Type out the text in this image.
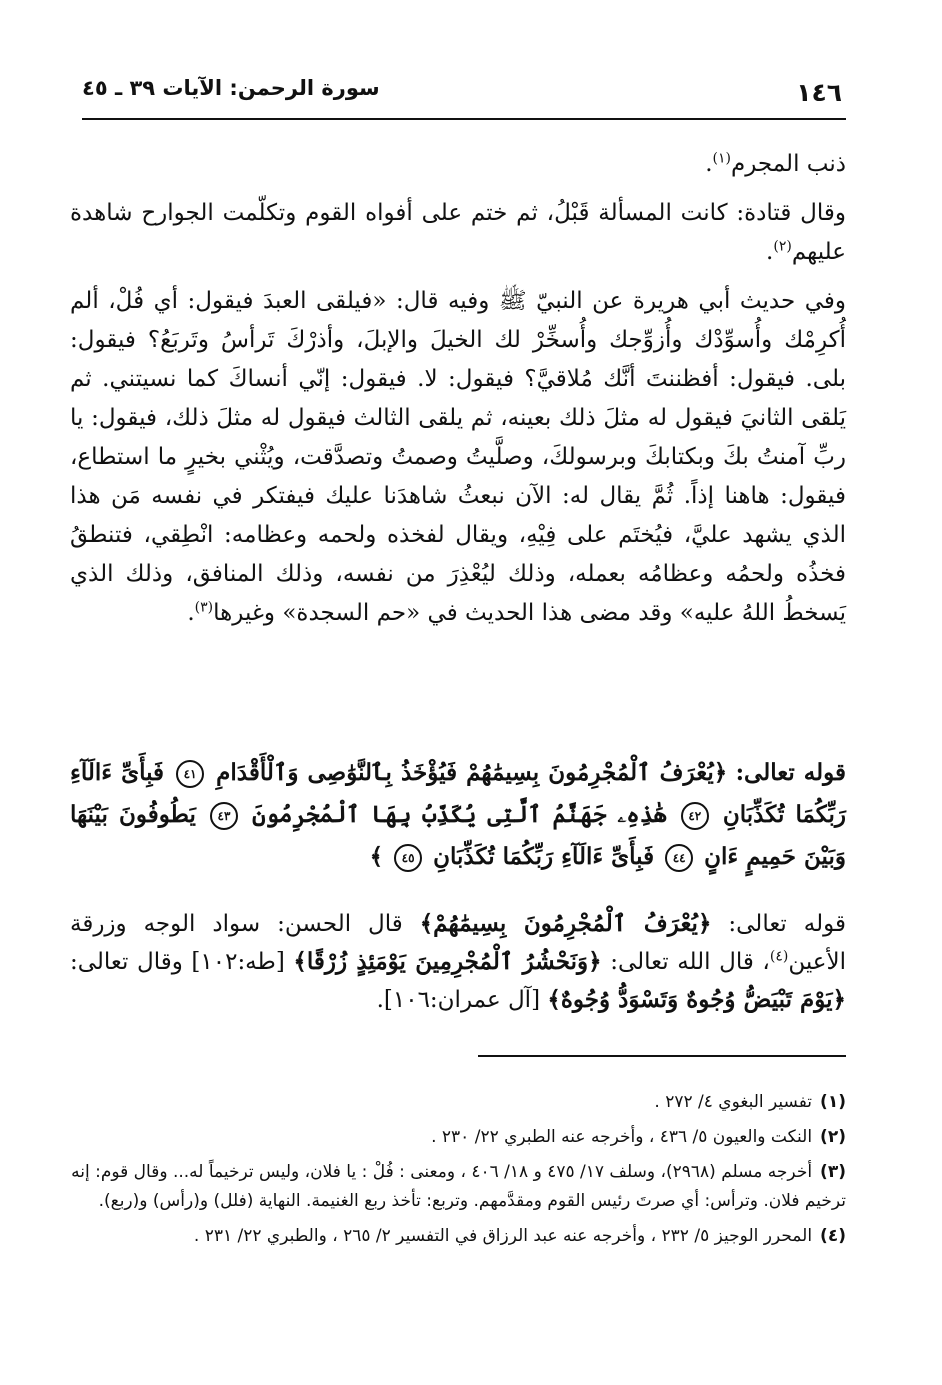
١٤٦
سورة الرحمن: الآيات ٣٩ ـ ٤٥

ذنب المجرم$^{(١)}$.

وقال قتادة: كانت المسألة قَبْلُ، ثم ختم على أفواه القوم وتكلّمت الجوارح شاهدة عليهم$^{(٢)}$.

وفي حديث أبي هريرة عن النبيّ ﷺ وفيه قال: «فيلقى العبدَ فيقول: أي فُلْ، ألم أُكرِمْك وأُسوِّدْك وأُزوِّجك وأُسخِّرْ لك الخيلَ والإبلَ، وأذرْكَ تَرأسُ وتَربَعُ؟ فيقول: بلى. فيقول: أفظننتَ أنَّك مُلاقيَّ؟ فيقول: لا. فيقول: إنّي أنساكَ كما نسيتني. ثم يَلقى الثانيَ فيقول له مثلَ ذلك بعينه، ثم يلقى الثالث فيقول له مثلَ ذلك، فيقول: يا ربِّ آمنتُ بكَ وبكتابكَ وبرسولكَ، وصلَّيتُ وصمتُ وتصدَّقت، ويُثْني بخيرٍ ما استطاع، فيقول: هاهنا إذاً. ثُمَّ يقال له: الآن نبعثُ شاهدَنا عليك فيفتكر في نفسه مَن هذا الذي يشهد عليَّ، فيُختَم على فِيْهِ، ويقال لفخذه ولحمه وعظامه: انْطِقي، فتنطقُ فخذُه ولحمُه وعظامُه بعمله، وذلك ليُعْذِرَ من نفسه، وذلك المنافق، وذلك الذي يَسخطُ اللهُ عليه» وقد مضى هذا الحديث في «حم السجدة» وغيرها$^{(٣)}$.

قوله تعالى: ﴿يُعْرَفُ ٱلْمُجْرِمُونَ بِسِيمَٰهُمْ فَيُؤْخَذُ بِٱلنَّوَٰصِى وَٱلْأَقْدَامِ ٤١ فَبِأَىِّ ءَالَآءِ رَبِّكُمَا تُكَذِّبَانِ ٤٢ هَٰذِهِۦ جَهَنَّمُ ٱلَّتِى يُكَذِّبُ بِهَا ٱلْمُجْرِمُونَ ٤٣ يَطُوفُونَ بَيْنَهَا وَبَيْنَ حَمِيمٍ ءَانٍ ٤٤ فَبِأَىِّ ءَالَآءِ رَبِّكُمَا تُكَذِّبَانِ ٤٥ ﴾
قوله تعالى: ﴿يُعْرَفُ ٱلْمُجْرِمُونَ بِسِيمَٰهُمْ﴾ قال الحسن: سواد الوجه وزرقة الأعين$^{(٤)}$، قال الله تعالى: ﴿وَنَحْشُرُ ٱلْمُجْرِمِينَ يَوْمَئِذٍ زُرْقًا﴾ [طه:١٠٢] وقال تعالى: ﴿يَوْمَ تَبْيَضُّ وُجُوهٌ وَتَسْوَدُّ وُجُوهٌ﴾ [آل عمران:١٠٦].

(١)تفسير البغوي ٤/ ٢٧٢ .

(٢)النكت والعيون ٥/ ٤٣٦ ، وأخرجه عنه الطبري ٢٢/ ٢٣٠ .

(٣)أخرجه مسلم (٢٩٦٨)، وسلف ١٧/ ٤٧٥ و ١٨/ ٤٠٦ ، ومعنى : فُلْ : يا فلان، وليس ترخيماً له... وقال قوم: إنه ترخيم فلان. وترأس: أي صرتَ رئيس القوم ومقدَّمهم. وتربع: تأخذ ربع الغنيمة. النهاية (فلل) و(رأس) و(ربع).

(٤)المحرر الوجيز ٥/ ٢٣٢ ، وأخرجه عنه عبد الرزاق في التفسير ٢/ ٢٦٥ ، والطبري ٢٢/ ٢٣١ .
